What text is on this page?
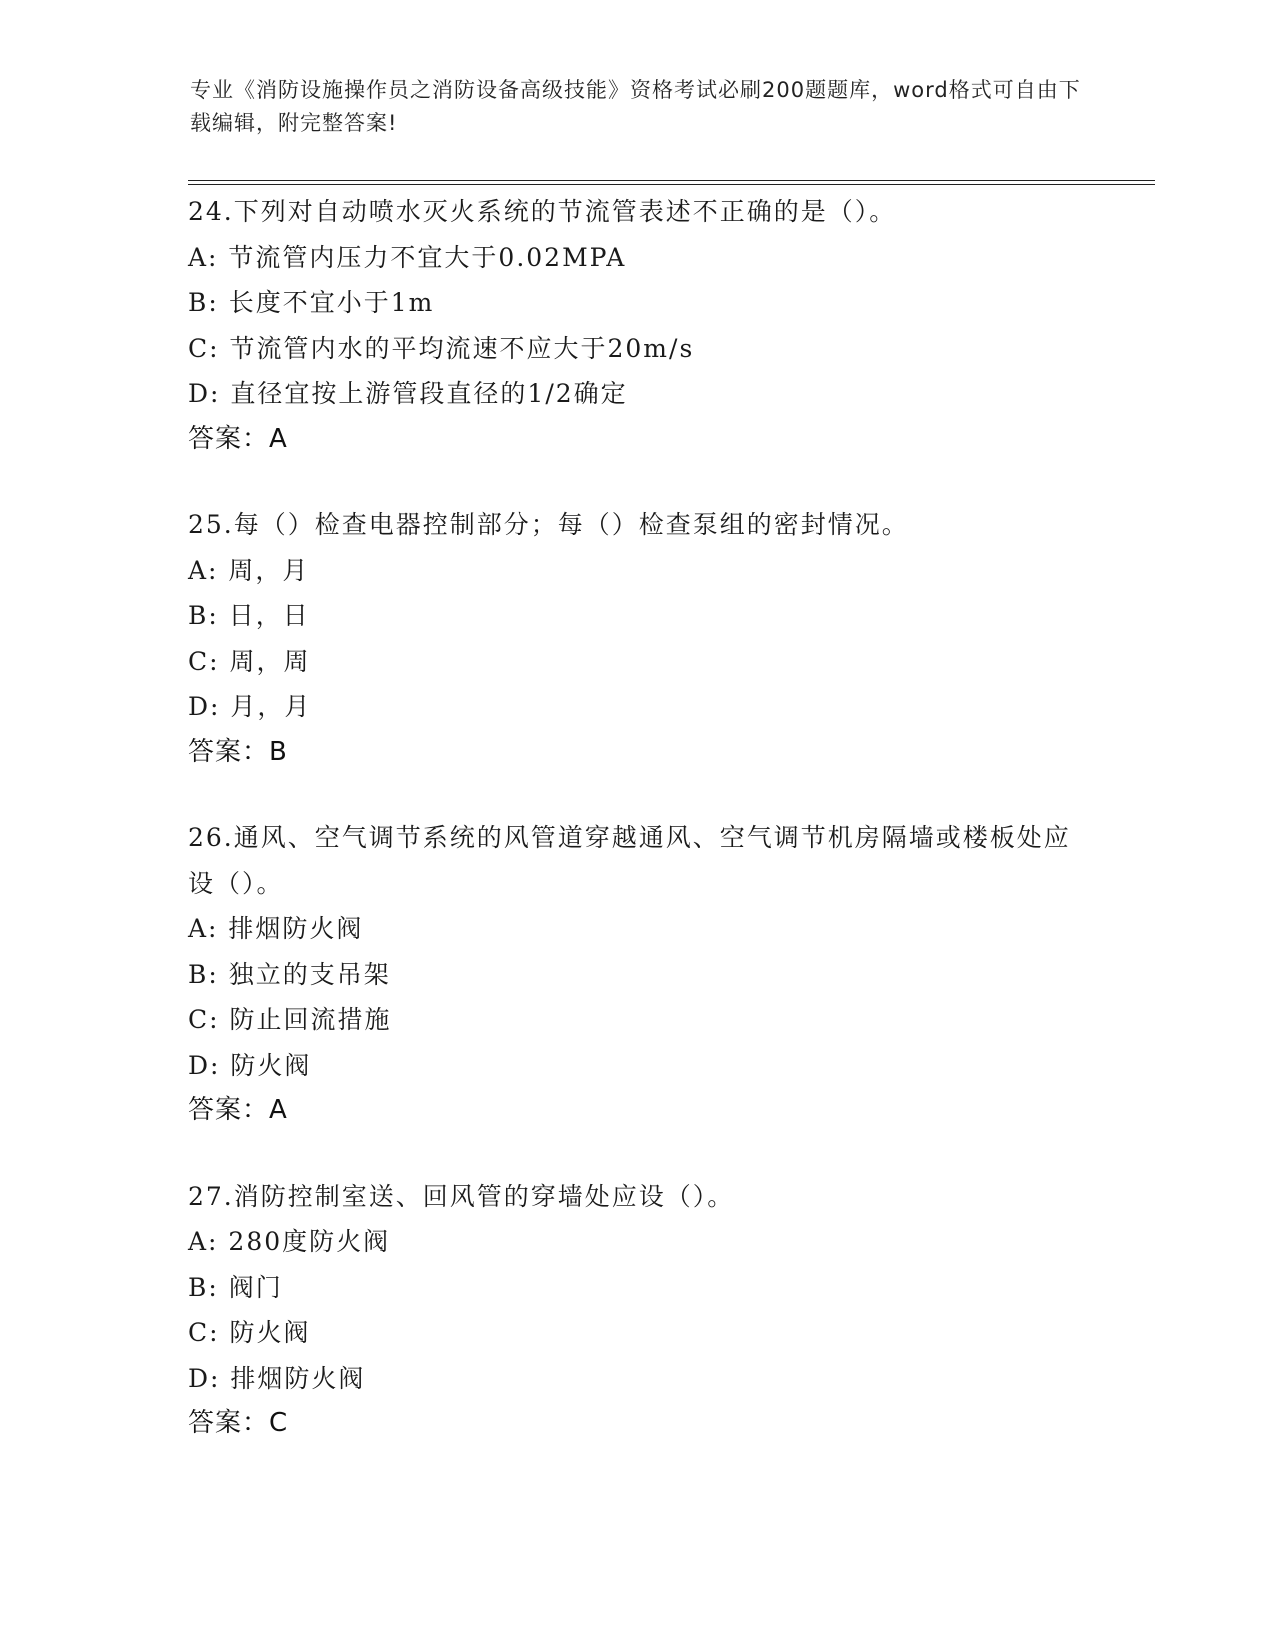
专业《消防设施操作员之消防设备高级技能》资格考试必刷200题题库，word格式可自由下载编辑，附完整答案!
24.下列对自动喷水灭火系统的节流管表述不正确的是（）。
A: 节流管内压力不宜大于0.02MPA
B: 长度不宜小于1m
C: 节流管内水的平均流速不应大于20m/s
D: 直径宜按上游管段直径的1/2确定
答案：A
25.每（）检查电器控制部分；每（）检查泵组的密封情况。
A: 周，月
B: 日，日
C: 周，周
D: 月，月
答案：B
26.通风、空气调节系统的风管道穿越通风、空气调节机房隔墙或楼板处应设（）。
A: 排烟防火阀
B: 独立的支吊架
C: 防止回流措施
D: 防火阀
答案：A
27.消防控制室送、回风管的穿墙处应设（）。
A: 280度防火阀
B: 阀门
C: 防火阀
D: 排烟防火阀
答案：C
